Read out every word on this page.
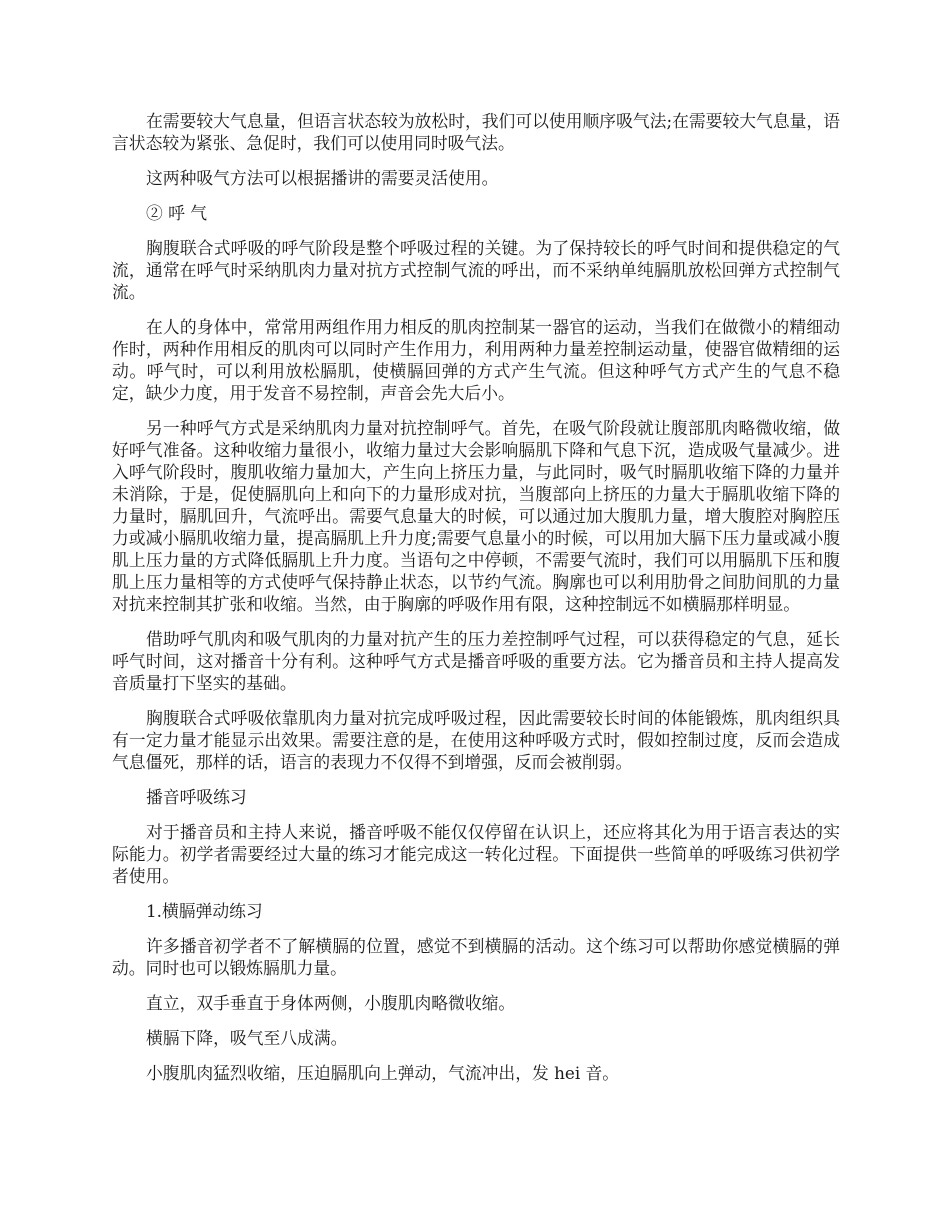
在需要较大气息量，但语言状态较为放松时，我们可以使用顺序吸气法;在需要较大气息量，语言状态较为紧张、急促时，我们可以使用同时吸气法。

这两种吸气方法可以根据播讲的需要灵活使用。

② 呼 气

胸腹联合式呼吸的呼气阶段是整个呼吸过程的关键。为了保持较长的呼气时间和提供稳定的气流，通常在呼气时采纳肌肉力量对抗方式控制气流的呼出，而不采纳单纯膈肌放松回弹方式控制气流。

在人的身体中，常常用两组作用力相反的肌肉控制某一器官的运动，当我们在做微小的精细动作时，两种作用相反的肌肉可以同时产生作用力，利用两种力量差控制运动量，使器官做精细的运动。呼气时，可以利用放松膈肌，使横膈回弹的方式产生气流。但这种呼气方式产生的气息不稳定，缺少力度，用于发音不易控制，声音会先大后小。

另一种呼气方式是采纳肌肉力量对抗控制呼气。首先，在吸气阶段就让腹部肌肉略微收缩，做好呼气准备。这种收缩力量很小，收缩力量过大会影响膈肌下降和气息下沉，造成吸气量减少。进入呼气阶段时，腹肌收缩力量加大，产生向上挤压力量，与此同时，吸气时膈肌收缩下降的力量并未消除，于是，促使膈肌向上和向下的力量形成对抗，当腹部向上挤压的力量大于膈肌收缩下降的力量时，膈肌回升，气流呼出。需要气息量大的时候，可以通过加大腹肌力量，增大腹腔对胸腔压力或减小膈肌收缩力量，提高膈肌上升力度;需要气息量小的时候，可以用加大膈下压力量或减小腹肌上压力量的方式降低膈肌上升力度。当语句之中停顿，不需要气流时，我们可以用膈肌下压和腹肌上压力量相等的方式使呼气保持静止状态，以节约气流。胸廓也可以利用肋骨之间肋间肌的力量对抗来控制其扩张和收缩。当然，由于胸廓的呼吸作用有限，这种控制远不如横膈那样明显。

借助呼气肌肉和吸气肌肉的力量对抗产生的压力差控制呼气过程，可以获得稳定的气息，延长呼气时间，这对播音十分有利。这种呼气方式是播音呼吸的重要方法。它为播音员和主持人提高发音质量打下坚实的基础。

胸腹联合式呼吸依靠肌肉力量对抗完成呼吸过程，因此需要较长时间的体能锻炼，肌肉组织具有一定力量才能显示出效果。需要注意的是，在使用这种呼吸方式时，假如控制过度，反而会造成气息僵死，那样的话，语言的表现力不仅得不到增强，反而会被削弱。

播音呼吸练习

对于播音员和主持人来说，播音呼吸不能仅仅停留在认识上，还应将其化为用于语言表达的实际能力。初学者需要经过大量的练习才能完成这一转化过程。下面提供一些简单的呼吸练习供初学者使用。

1.横膈弹动练习

许多播音初学者不了解横膈的位置，感觉不到横膈的活动。这个练习可以帮助你感觉横膈的弹动。同时也可以锻炼膈肌力量。

直立，双手垂直于身体两侧，小腹肌肉略微收缩。

横膈下降，吸气至八成满。

小腹肌肉猛烈收缩，压迫膈肌向上弹动，气流冲出，发 hei 音。
